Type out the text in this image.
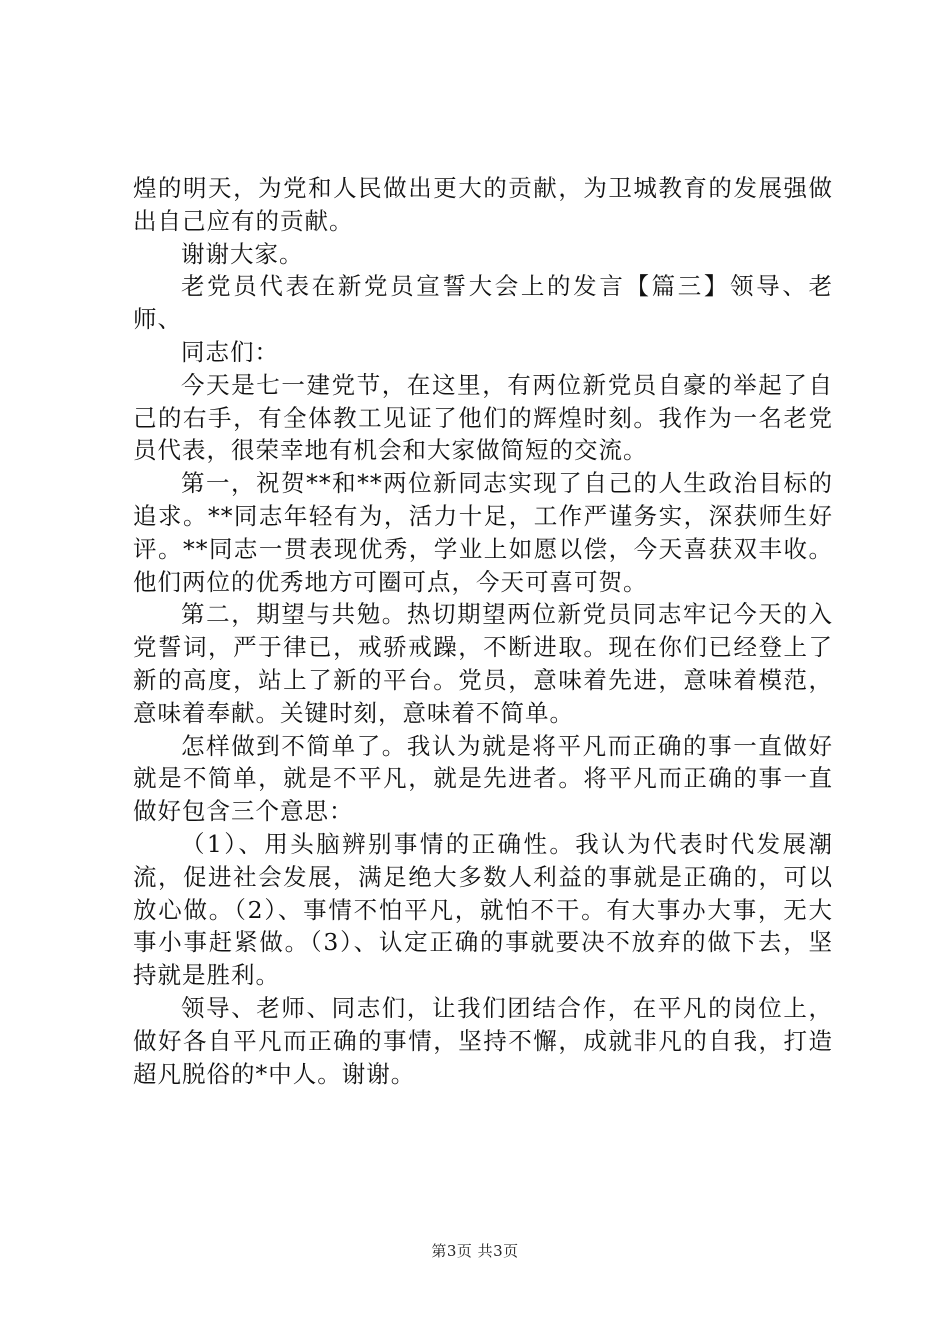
煌的明天，为党和人民做出更大的贡献，为卫城教育的发展强做出自己应有的贡献。

谢谢大家。

老党员代表在新党员宣誓大会上的发言【篇三】领导、老师、

同志们：

今天是七一建党节，在这里，有两位新党员自豪的举起了自己的右手，有全体教工见证了他们的辉煌时刻。我作为一名老党员代表，很荣幸地有机会和大家做简短的交流。

第一，祝贺**和**两位新同志实现了自己的人生政治目标的追求。**同志年轻有为，活力十足，工作严谨务实，深获师生好评。**同志一贯表现优秀，学业上如愿以偿，今天喜获双丰收。他们两位的优秀地方可圈可点，今天可喜可贺。

第二，期望与共勉。热切期望两位新党员同志牢记今天的入党誓词，严于律已，戒骄戒躁，不断进取。现在你们已经登上了新的高度，站上了新的平台。党员，意味着先进，意味着模范，意味着奉献。关键时刻，意味着不简单。

怎样做到不简单了。我认为就是将平凡而正确的事一直做好就是不简单，就是不平凡，就是先进者。将平凡而正确的事一直做好包含三个意思：

（1）、用头脑辨别事情的正确性。我认为代表时代发展潮流，促进社会发展，满足绝大多数人利益的事就是正确的，可以放心做。（2）、事情不怕平凡，就怕不干。有大事办大事，无大事小事赶紧做。（3）、认定正确的事就要决不放弃的做下去，坚持就是胜利。

领导、老师、同志们，让我们团结合作，在平凡的岗位上，做好各自平凡而正确的事情，坚持不懈，成就非凡的自我，打造超凡脱俗的*中人。谢谢。

第3页 共3页
